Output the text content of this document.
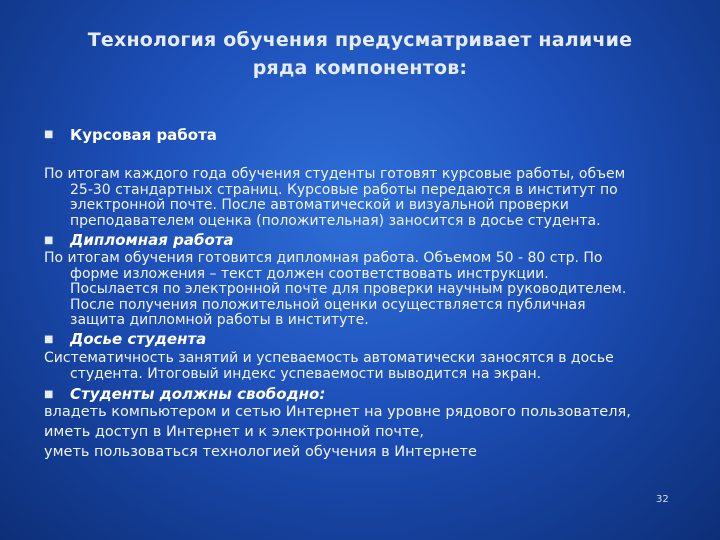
Технология обучения предусматривает наличие
ряда компонентов:
■ Курсовая работа
По итогам каждого года обучения студенты готовят курсовые работы, объем
25-30 стандартных страниц. Курсовые работы передаются в институт по
электронной почте. После автоматической и визуальной проверки
преподавателем оценка (положительная) заносится в досье студента.
■ Дипломная работа
По итогам обучения готовится дипломная работа. Объемом 50 - 80 стр. По
форме изложения – текст должен соответствовать инструкции.
Посылается по электронной почте для проверки научным руководителем.
После получения положительной оценки осуществляется публичная
защита дипломной работы в институте.
■ Досье студента
Систематичность занятий и успеваемость автоматически заносятся в досье
студента. Итоговый индекс успеваемости выводится на экран.
■ Студенты должны свободно:
владеть компьютером и сетью Интернет на уровне рядового пользователя,
иметь доступ в Интернет и к электронной почте,
уметь пользоваться технологией обучения в Интернете
32
